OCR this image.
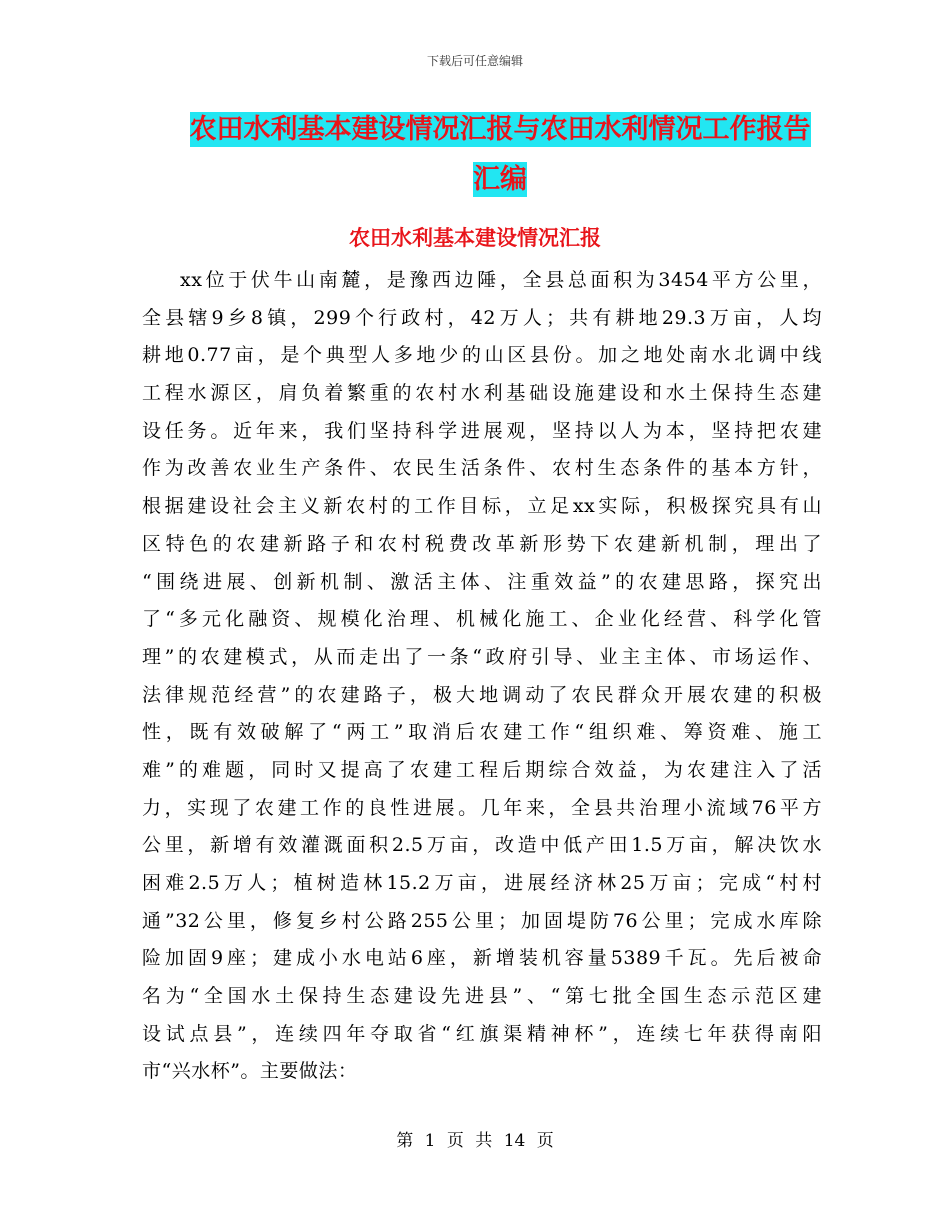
下载后可任意编辑
农田水利基本建设情况汇报与农田水利情况工作报告
汇编
农田水利基本建设情况汇报
xx位于伏牛山南麓，是豫西边陲，全县总面积为3454平方公里，
全县辖9乡8镇，299个行政村，42万人；共有耕地29.3万亩，人均
耕地0.77亩，是个典型人多地少的山区县份。加之地处南水北调中线
工程水源区，肩负着繁重的农村水利基础设施建设和水土保持生态建
设任务。近年来，我们坚持科学进展观，坚持以人为本，坚持把农建
作为改善农业生产条件、农民生活条件、农村生态条件的基本方针，
根据建设社会主义新农村的工作目标，立足xx实际，积极探究具有山
区特色的农建新路子和农村税费改革新形势下农建新机制，理出了
“围绕进展、创新机制、激活主体、注重效益”的农建思路，探究出
了“多元化融资、规模化治理、机械化施工、企业化经营、科学化管
理”的农建模式，从而走出了一条“政府引导、业主主体、市场运作、
法律规范经营”的农建路子，极大地调动了农民群众开展农建的积极
性，既有效破解了“两工”取消后农建工作“组织难、筹资难、施工
难”的难题，同时又提高了农建工程后期综合效益，为农建注入了活
力，实现了农建工作的良性进展。几年来，全县共治理小流域76平方
公里，新增有效灌溉面积2.5万亩，改造中低产田1.5万亩，解决饮水
困难2.5万人；植树造林15.2万亩，进展经济林25万亩；完成“村村
通”32公里，修复乡村公路255公里；加固堤防76公里；完成水库除
险加固9座；建成小水电站6座，新增装机容量5389千瓦。先后被命
名为“全国水土保持生态建设先进县”、“第七批全国生态示范区建
设试点县”，连续四年夺取省“红旗渠精神杯”，连续七年获得南阳
市“兴水杯”。主要做法：
第 1 页 共 14 页
